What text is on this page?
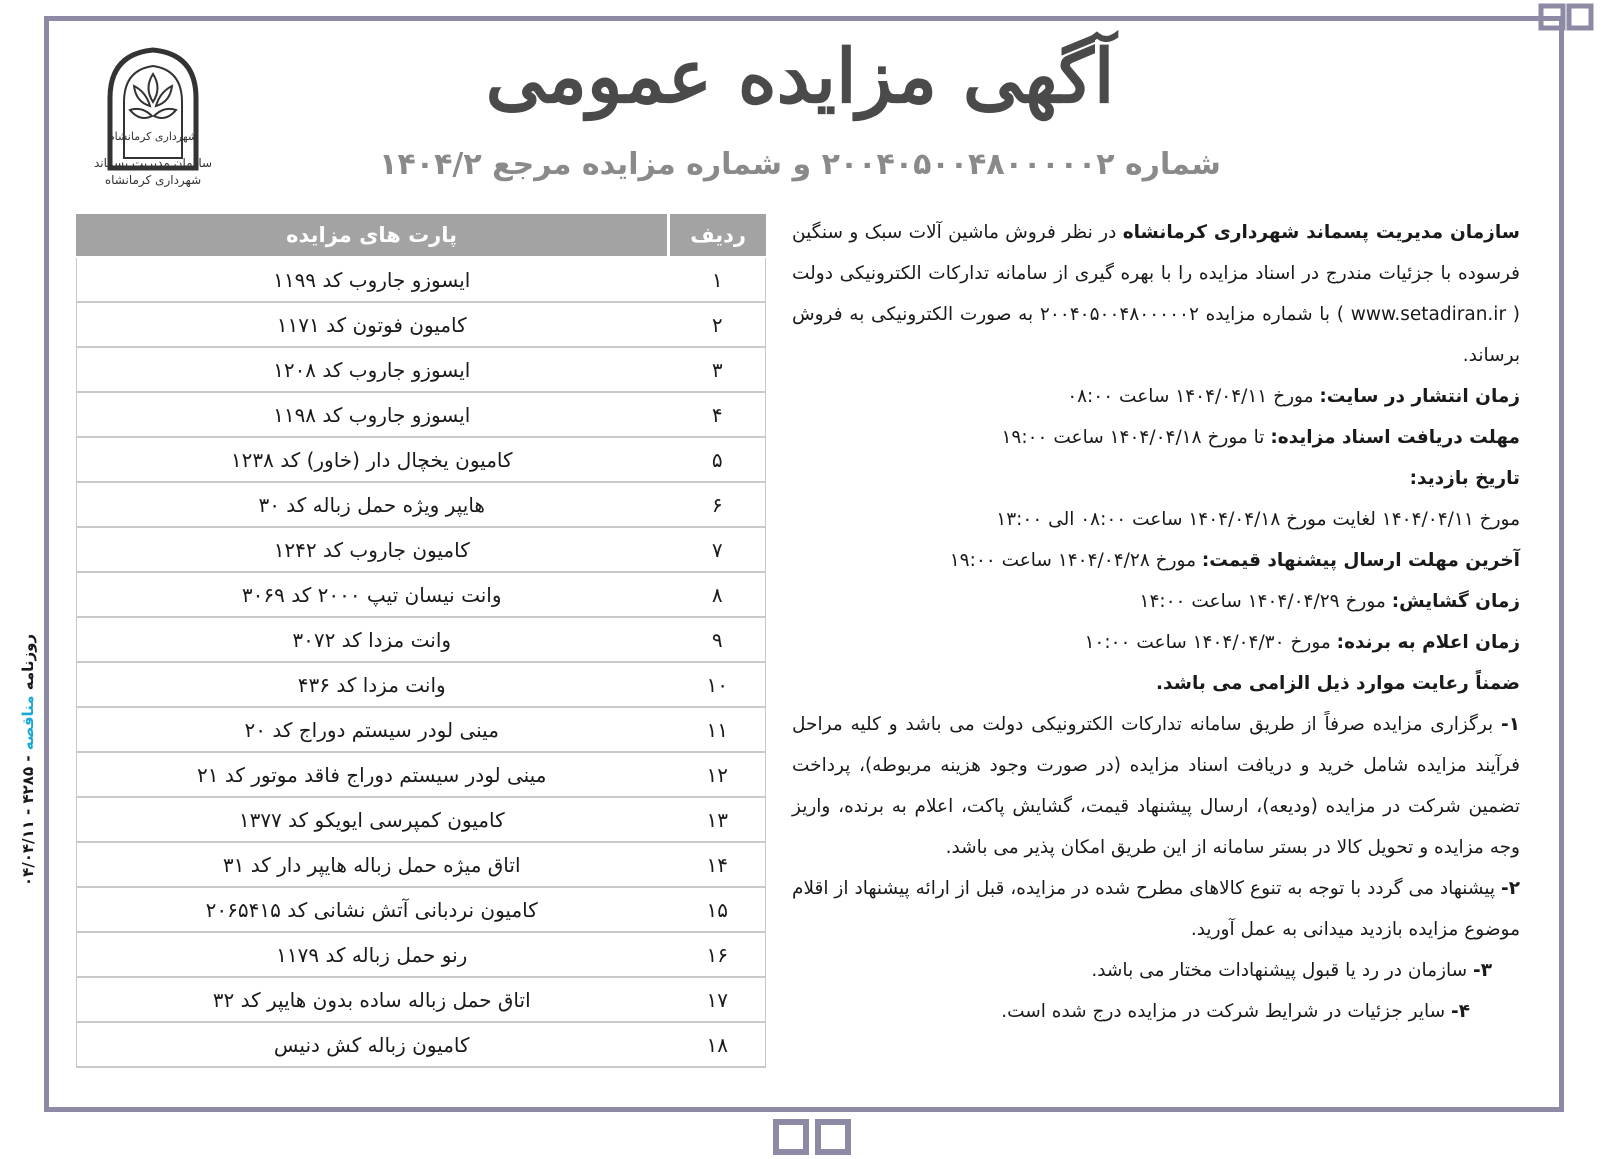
شهرداری کرمانشاه
سازمان مدیریت پسماند
شهرداری کرمانشاه
آگهی مزایده عمومی
شماره ۲۰۰۴۰۵۰۰۴۸۰۰۰۰۰۲ و شماره مزایده مرجع ۱۴۰۴/۲
روزنامه مناقصه - ۴۲۸۵ - ۰۴/۰۴/۱۱
پارت های مزایده	ردیف
ایسوزو جاروب کد ۱۱۹۹	۱
کامیون فوتون کد ۱۱۷۱	۲
ایسوزو جاروب کد ۱۲۰۸	۳
ایسوزو جاروب کد ۱۱۹۸	۴
کامیون یخچال دار (خاور) کد ۱۲۳۸	۵
هایپر ویژه حمل زباله کد ۳۰	۶
کامیون جاروب کد ۱۲۴۲	۷
وانت نیسان تیپ ۲۰۰۰ کد ۳۰۶۹	۸
وانت مزدا کد ۳۰۷۲	۹
وانت مزدا کد ۴۳۶	۱۰
مینی لودر سیستم دوراج کد ۲۰	۱۱
مینی لودر سیستم دوراج فاقد موتور کد ۲۱	۱۲
کامیون کمپرسی ایویکو کد ۱۳۷۷	۱۳
اتاق میژه حمل زباله هایپر دار کد ۳۱	۱۴
کامیون نردبانی آتش نشانی کد ۲۰۶۵۴۱۵	۱۵
رنو حمل زباله کد ۱۱۷۹	۱۶
اتاق حمل زباله ساده بدون هایپر کد ۳۲	۱۷
کامیون زباله کش دنیس	۱۸

سازمان مدیریت پسماند شهرداری کرمانشاه در نظر فروش ماشین آلات سبک و سنگین فرسوده با جزئیات مندرج در اسناد مزایده را با بهره گیری از سامانه تدارکات الکترونیکی دولت ( www.setadiran.ir ) با شماره مزایده ۲۰۰۴۰۵۰۰۴۸۰۰۰۰۰۲ به صورت الکترونیکی به فروش برساند.

زمان انتشار در سایت: مورخ ۱۴۰۴/۰۴/۱۱ ساعت ۰۸:۰۰

مهلت دریافت اسناد مزایده: تا مورخ ۱۴۰۴/۰۴/۱۸ ساعت ۱۹:۰۰

تاریخ بازدید:

مورخ ۱۴۰۴/۰۴/۱۱ لغایت مورخ ۱۴۰۴/۰۴/۱۸ ساعت ۰۸:۰۰ الی ۱۳:۰۰

آخرین مهلت ارسال پیشنهاد قیمت: مورخ ۱۴۰۴/۰۴/۲۸ ساعت ۱۹:۰۰

زمان گشایش: مورخ ۱۴۰۴/۰۴/۲۹ ساعت ۱۴:۰۰

زمان اعلام به برنده: مورخ ۱۴۰۴/۰۴/۳۰ ساعت ۱۰:۰۰

ضمناً رعایت موارد ذیل الزامی می باشد.

۱- برگزاری مزایده صرفاً از طریق سامانه تدارکات الکترونیکی دولت می باشد و کلیه مراحل فرآیند مزایده شامل خرید و دریافت اسناد مزایده (در صورت وجود هزینه مربوطه)، پرداخت تضمین شرکت در مزایده (ودیعه)، ارسال پیشنهاد قیمت، گشایش پاکت، اعلام به برنده، واریز وجه مزایده و تحویل کالا در بستر سامانه از این طریق امکان پذیر می باشد.

۲- پیشنهاد می گردد با توجه به تنوع کالاهای مطرح شده در مزایده، قبل از ارائه پیشنهاد از اقلام موضوع مزایده بازدید میدانی به عمل آورید.

۳- سازمان در رد یا قبول پیشنهادات مختار می باشد.

۴- سایر جزئیات در شرایط شرکت در مزایده درج شده است.
